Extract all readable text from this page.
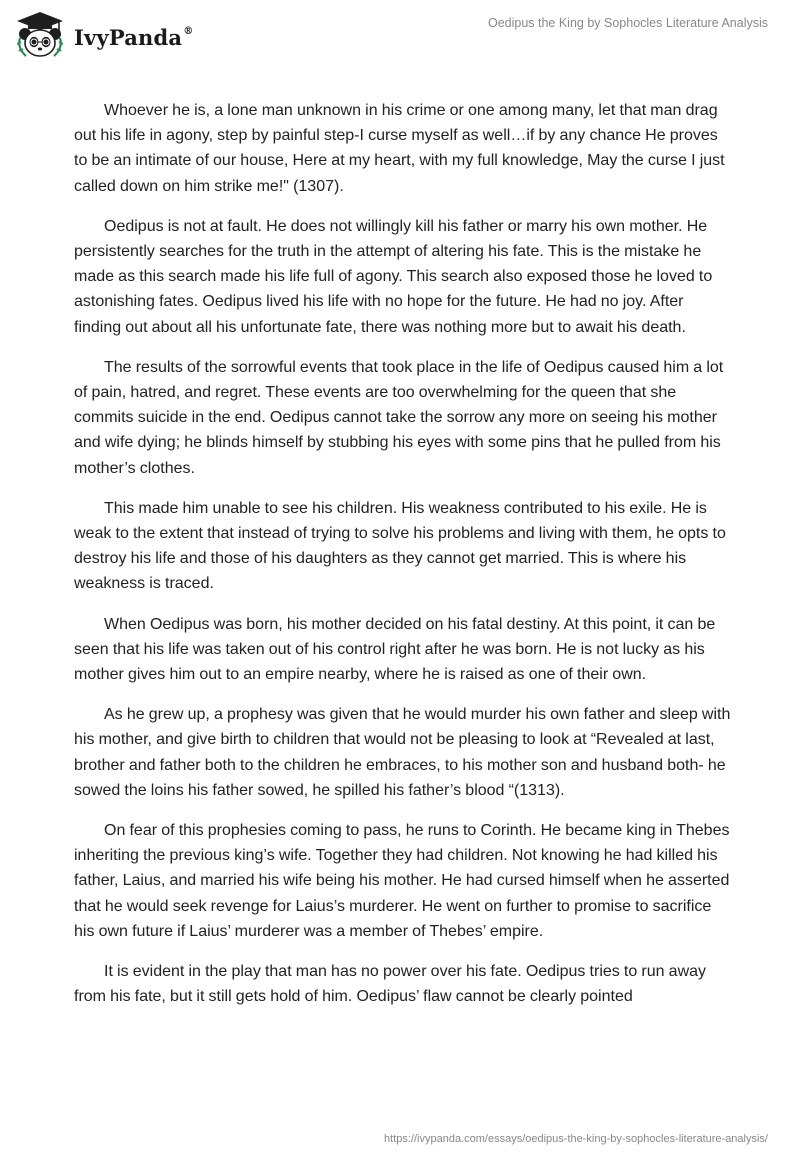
IvyPanda®
Oedipus the King by Sophocles Literature Analysis

Whoever he is, a lone man unknown in his crime or one among many, let that man drag out his life in agony, step by painful step-I curse myself as well…if by any chance He proves to be an intimate of our house, Here at my heart, with my full knowledge, May the curse I just called down on him strike me!" (1307).

Oedipus is not at fault. He does not willingly kill his father or marry his own mother. He persistently searches for the truth in the attempt of altering his fate. This is the mistake he made as this search made his life full of agony. This search also exposed those he loved to astonishing fates. Oedipus lived his life with no hope for the future. He had no joy. After finding out about all his unfortunate fate, there was nothing more but to await his death.

The results of the sorrowful events that took place in the life of Oedipus caused him a lot of pain, hatred, and regret. These events are too overwhelming for the queen that she commits suicide in the end. Oedipus cannot take the sorrow any more on seeing his mother and wife dying; he blinds himself by stubbing his eyes with some pins that he pulled from his mother’s clothes.

This made him unable to see his children. His weakness contributed to his exile. He is weak to the extent that instead of trying to solve his problems and living with them, he opts to destroy his life and those of his daughters as they cannot get married. This is where his weakness is traced.

When Oedipus was born, his mother decided on his fatal destiny. At this point, it can be seen that his life was taken out of his control right after he was born. He is not lucky as his mother gives him out to an empire nearby, where he is raised as one of their own.

As he grew up, a prophesy was given that he would murder his own father and sleep with his mother, and give birth to children that would not be pleasing to look at “Revealed at last, brother and father both to the children he embraces, to his mother son and husband both- he sowed the loins his father sowed, he spilled his father’s blood “(1313).

On fear of this prophesies coming to pass, he runs to Corinth. He became king in Thebes inheriting the previous king’s wife. Together they had children. Not knowing he had killed his father, Laius, and married his wife being his mother. He had cursed himself when he asserted that he would seek revenge for Laius’s murderer. He went on further to promise to sacrifice his own future if Laius’ murderer was a member of Thebes’ empire.

It is evident in the play that man has no power over his fate. Oedipus tries to run away from his fate, but it still gets hold of him. Oedipus’ flaw cannot be clearly pointed

https://ivypanda.com/essays/oedipus-the-king-by-sophocles-literature-analysis/
